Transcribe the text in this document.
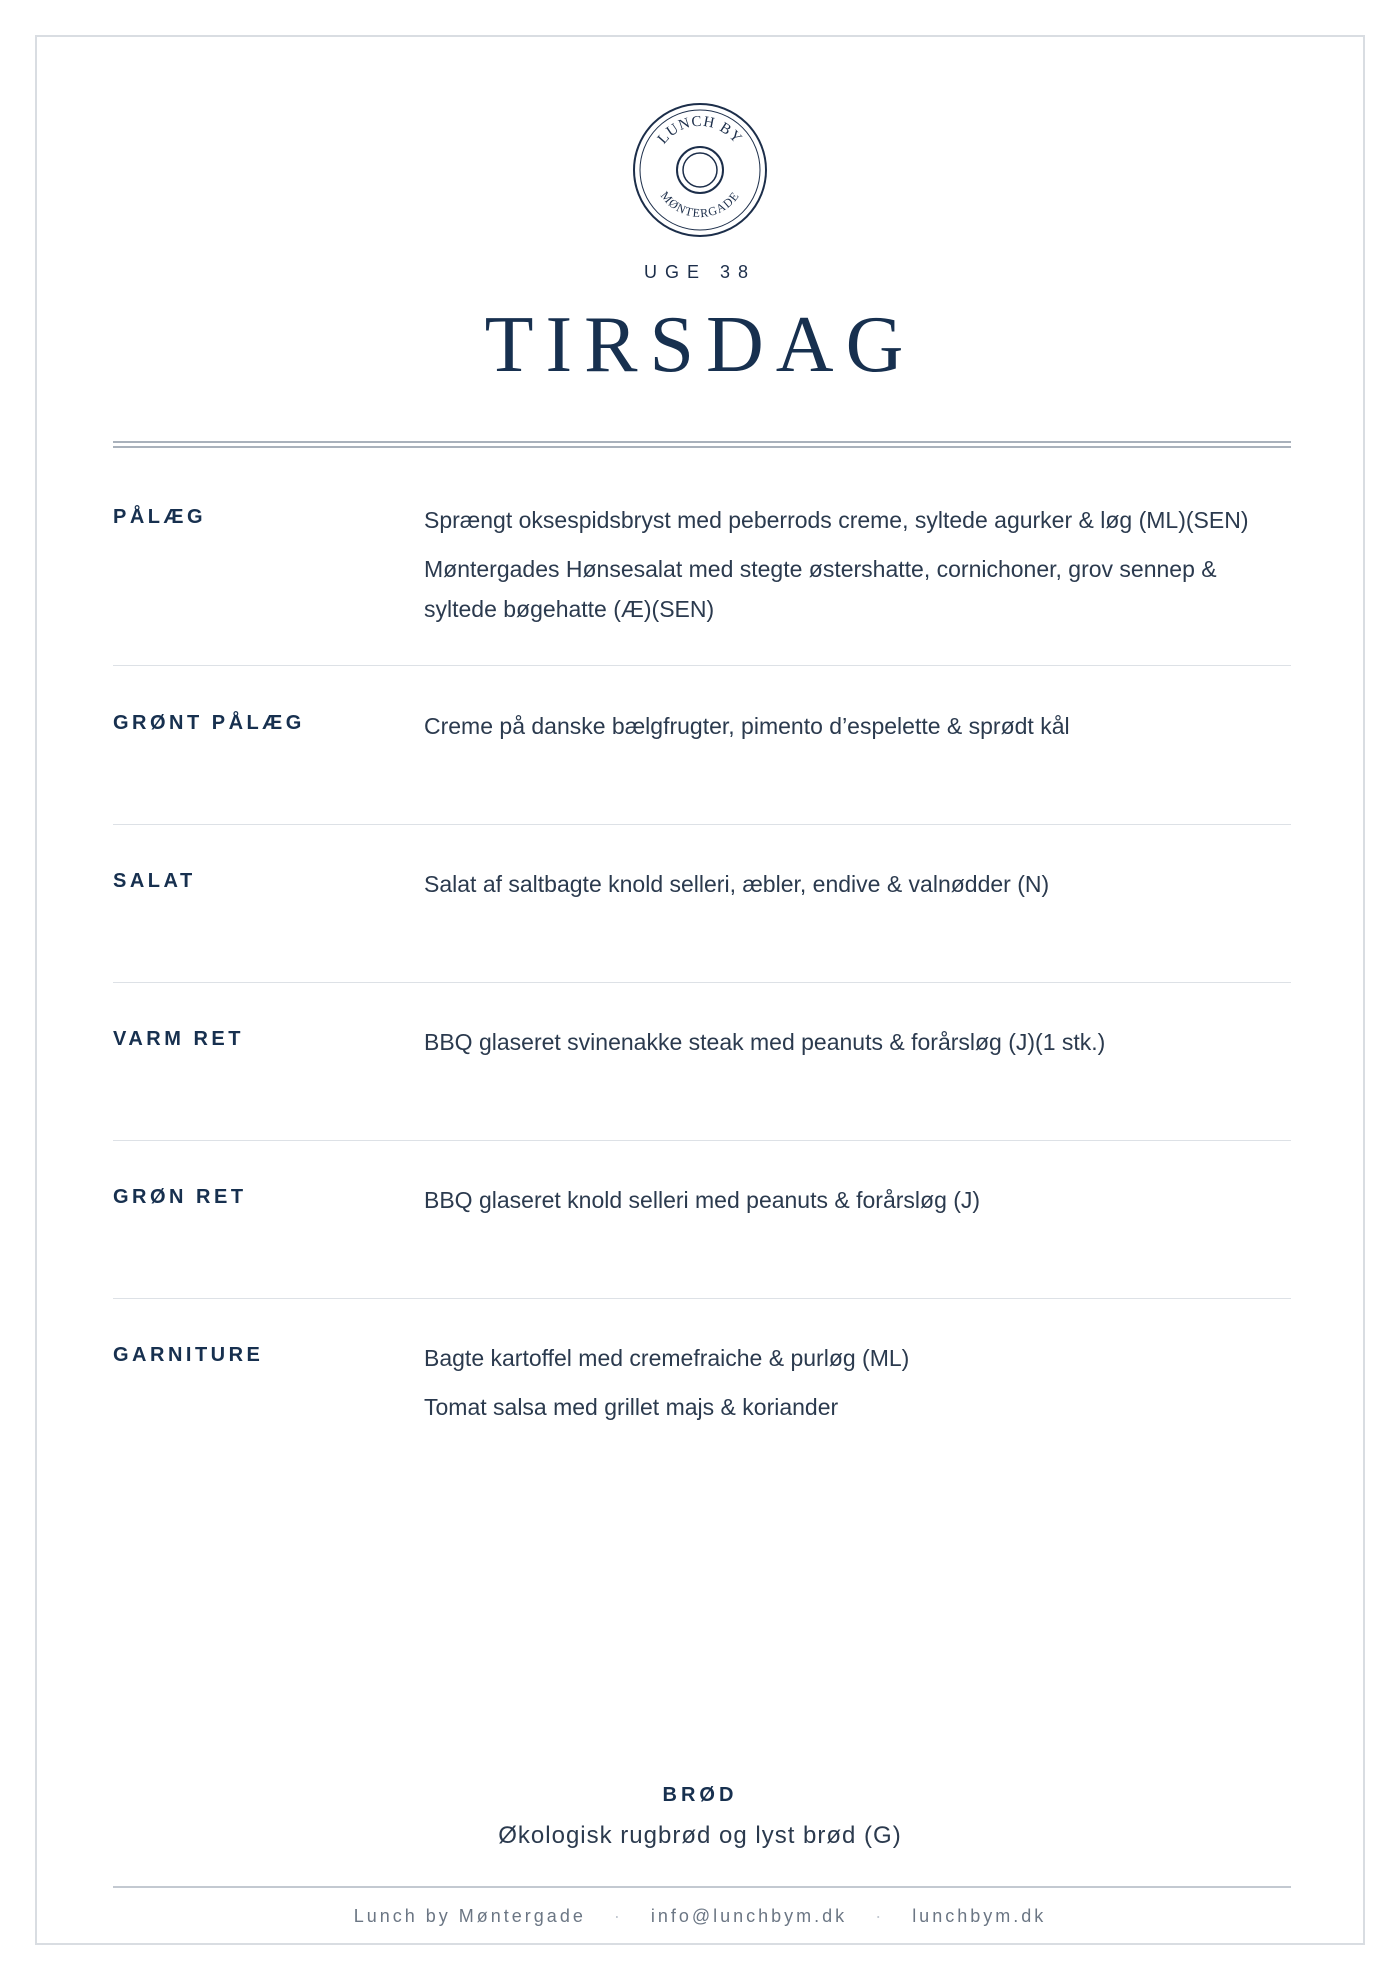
LUNCH BY
MØNTERGADE
UGE 38
TIRSDAG
PÅLÆG	Sprængt oksespidsbryst med peberrods creme, syltede agurker & løg (ML)(SEN)
Møntergades Hønsesalat med stegte østershatte, cornichoner, grov sennep & syltede bøgehatte (Æ)(SEN)
GRØNT PÅLÆG	Creme på danske bælgfrugter, pimento d’espelette & sprødt kål
SALAT	Salat af saltbagte knold selleri, æbler, endive & valnødder (N)
VARM RET	BBQ glaseret svinenakke steak med peanuts & forårsløg (J)(1 stk.)
GRØN RET	BBQ glaseret knold selleri med peanuts & forårsløg (J)
GARNITURE	Bagte kartoffel med cremefraiche & purløg (ML)
Tomat salsa med grillet majs & koriander
BRØD
Økologisk rugbrød og lyst brød (G)
Lunch by Møntergade · info@lunchbym.dk · lunchbym.dk
